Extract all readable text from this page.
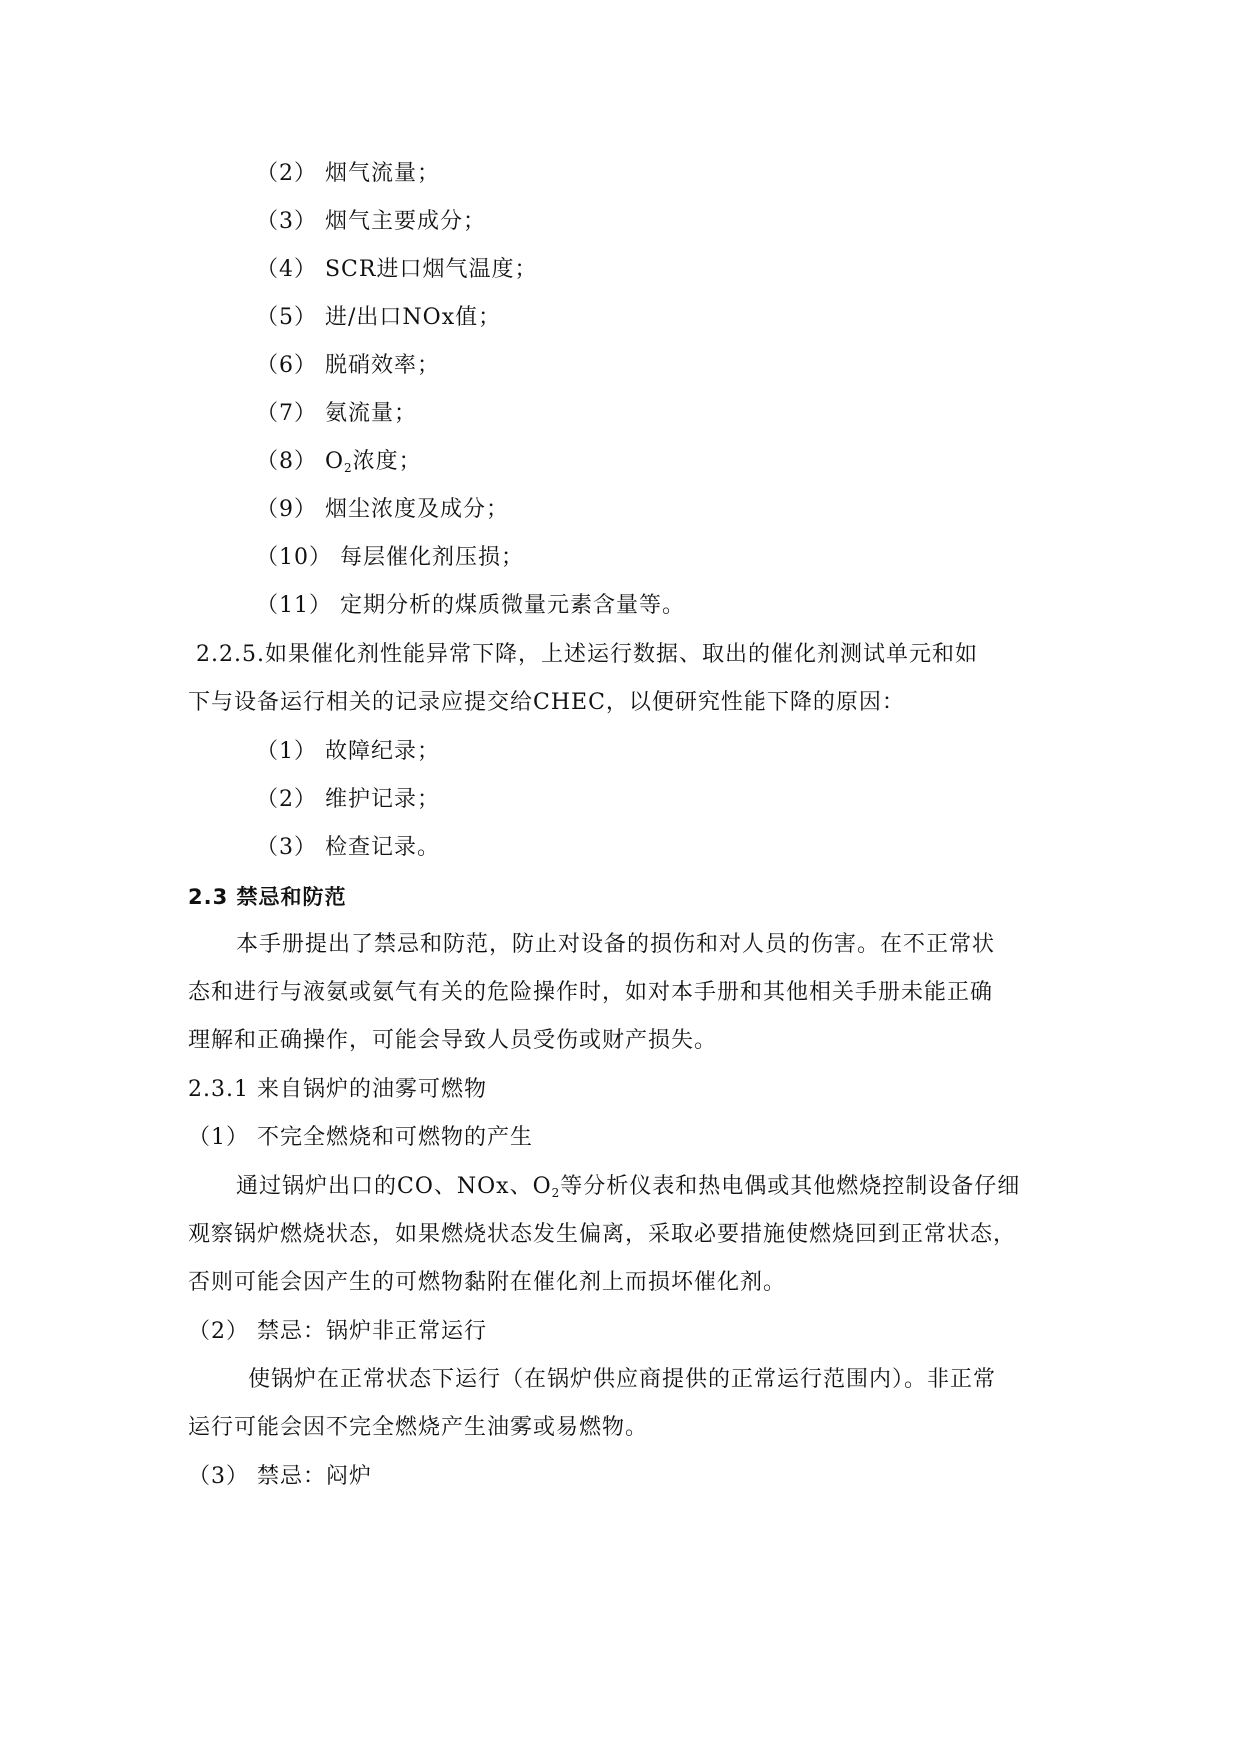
（2） 烟气流量；
（3） 烟气主要成分；
（4） SCR进口烟气温度；
（5） 进/出口NOx值；
（6） 脱硝效率；
（7） 氨流量；
（8） $O_2$浓度；
（9） 烟尘浓度及成分；
（10） 每层催化剂压损；
（11） 定期分析的煤质微量元素含量等。
2.2.5.如果催化剂性能异常下降，上述运行数据、取出的催化剂测试单元和如
下与设备运行相关的记录应提交给CHEC，以便研究性能下降的原因：
（1） 故障纪录；
（2） 维护记录；
（3） 检查记录。
2.3 禁忌和防范
本手册提出了禁忌和防范，防止对设备的损伤和对人员的伤害。在不正常状
态和进行与液氨或氨气有关的危险操作时，如对本手册和其他相关手册未能正确
理解和正确操作，可能会导致人员受伤或财产损失。
2.3.1 来自锅炉的油雾可燃物
（1） 不完全燃烧和可燃物的产生
通过锅炉出口的CO、NOx、$O_2$等分析仪表和热电偶或其他燃烧控制设备仔细
观察锅炉燃烧状态，如果燃烧状态发生偏离，采取必要措施使燃烧回到正常状态，
否则可能会因产生的可燃物黏附在催化剂上而损坏催化剂。
（2） 禁忌：锅炉非正常运行
使锅炉在正常状态下运行（在锅炉供应商提供的正常运行范围内）。非正常
运行可能会因不完全燃烧产生油雾或易燃物。
（3） 禁忌：闷炉
